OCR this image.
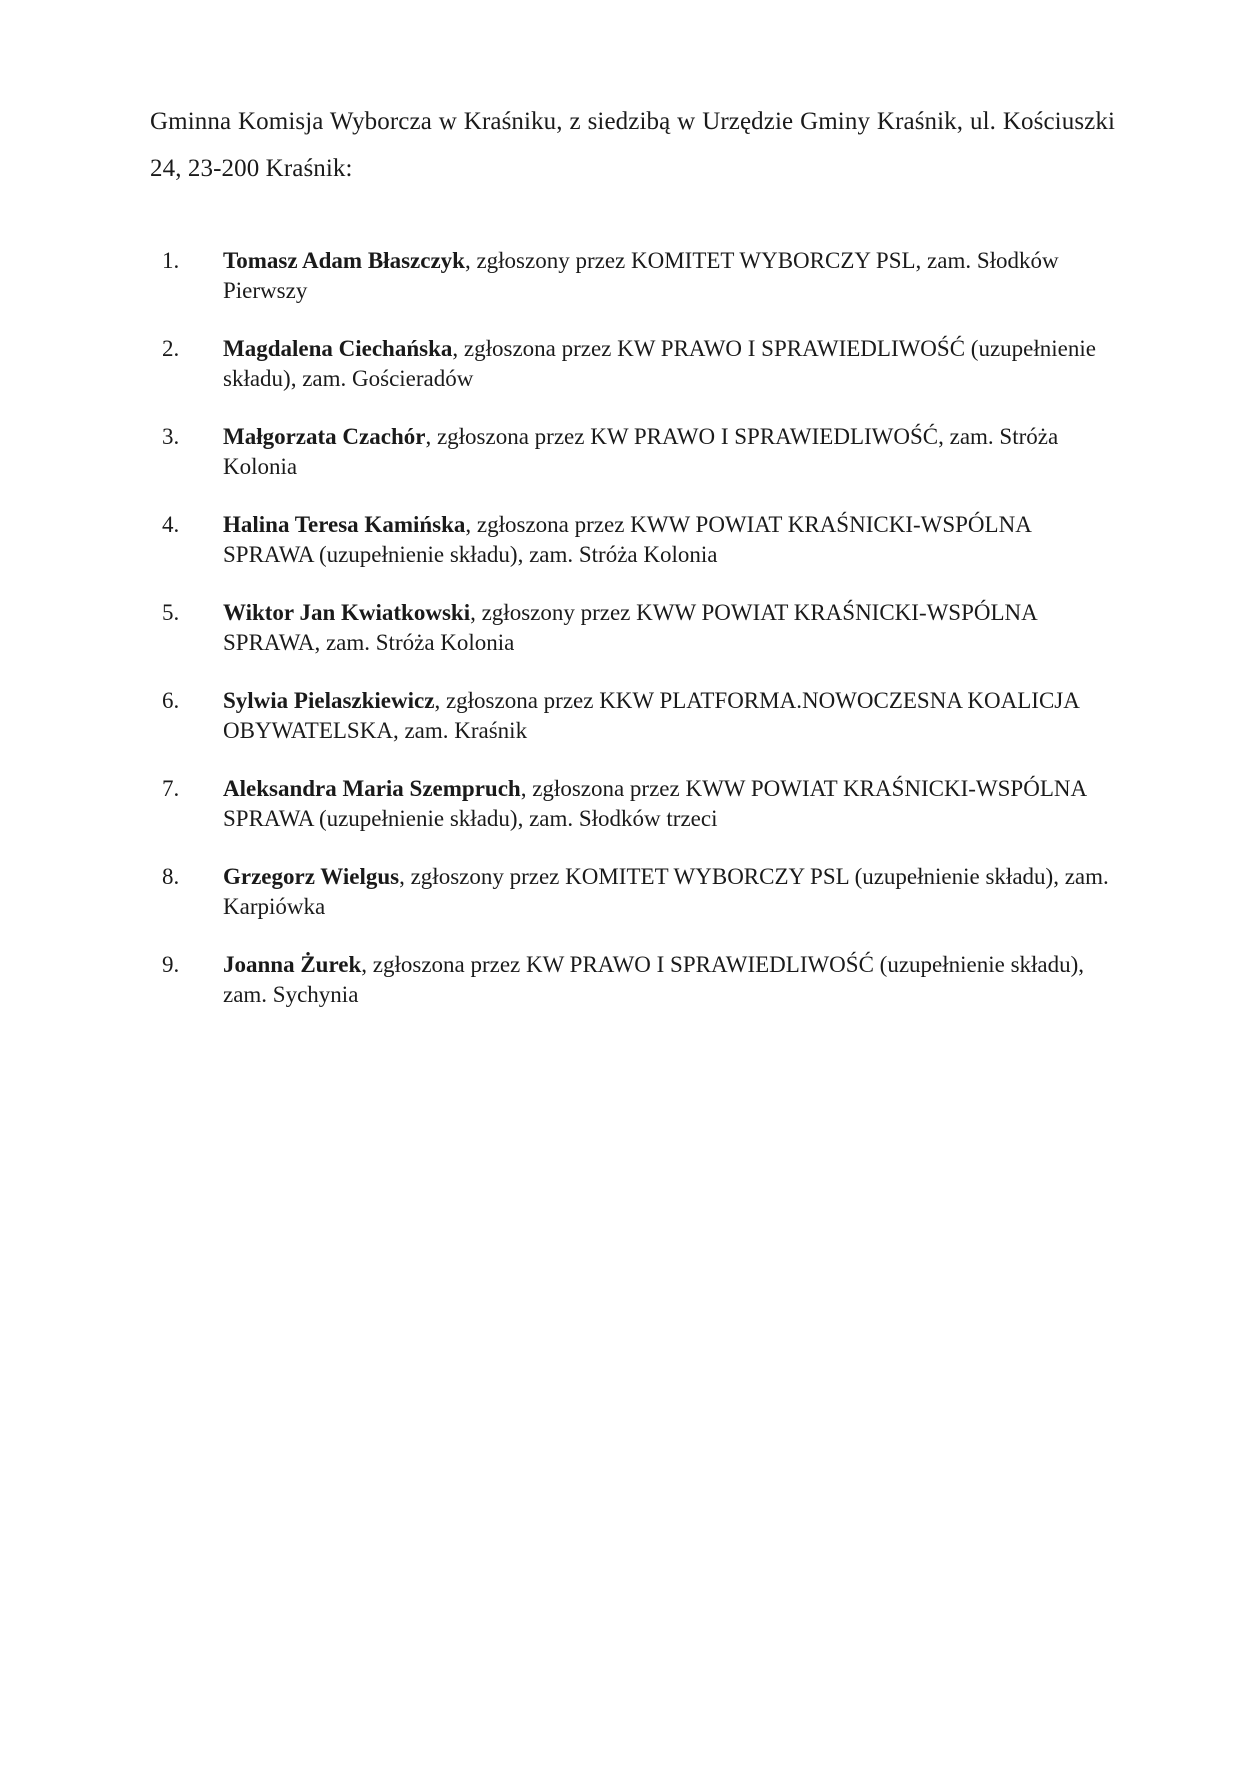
Gminna Komisja Wyborcza w Kraśniku, z siedzibą w Urzędzie Gminy Kraśnik, ul. Kościuszki 24, 23-200 Kraśnik:

1.	Tomasz Adam Błaszczyk, zgłoszony przez KOMITET WYBORCZY PSL, zam. Słodków Pierwszy
2.	Magdalena Ciechańska, zgłoszona przez KW PRAWO I SPRAWIEDLIWOŚĆ (uzupełnienie składu), zam. Gościeradów
3.	Małgorzata Czachór, zgłoszona przez KW PRAWO I SPRAWIEDLIWOŚĆ, zam. Stróża Kolonia
4.	Halina Teresa Kamińska, zgłoszona przez KWW POWIAT KRAŚNICKI-WSPÓLNA SPRAWA (uzupełnienie składu), zam. Stróża Kolonia
5.	Wiktor Jan Kwiatkowski, zgłoszony przez KWW POWIAT KRAŚNICKI-WSPÓLNA SPRAWA, zam. Stróża Kolonia
6.	Sylwia Pielaszkiewicz, zgłoszona przez KKW PLATFORMA.NOWOCZESNA KOALICJA OBYWATELSKA, zam. Kraśnik
7.	Aleksandra Maria Szempruch, zgłoszona przez KWW POWIAT KRAŚNICKI-WSPÓLNA SPRAWA (uzupełnienie składu), zam. Słodków trzeci
8.	Grzegorz Wielgus, zgłoszony przez KOMITET WYBORCZY PSL (uzupełnienie składu), zam. Karpiówka
9.	Joanna Żurek, zgłoszona przez KW PRAWO I SPRAWIEDLIWOŚĆ (uzupełnienie składu), zam. Sychynia
